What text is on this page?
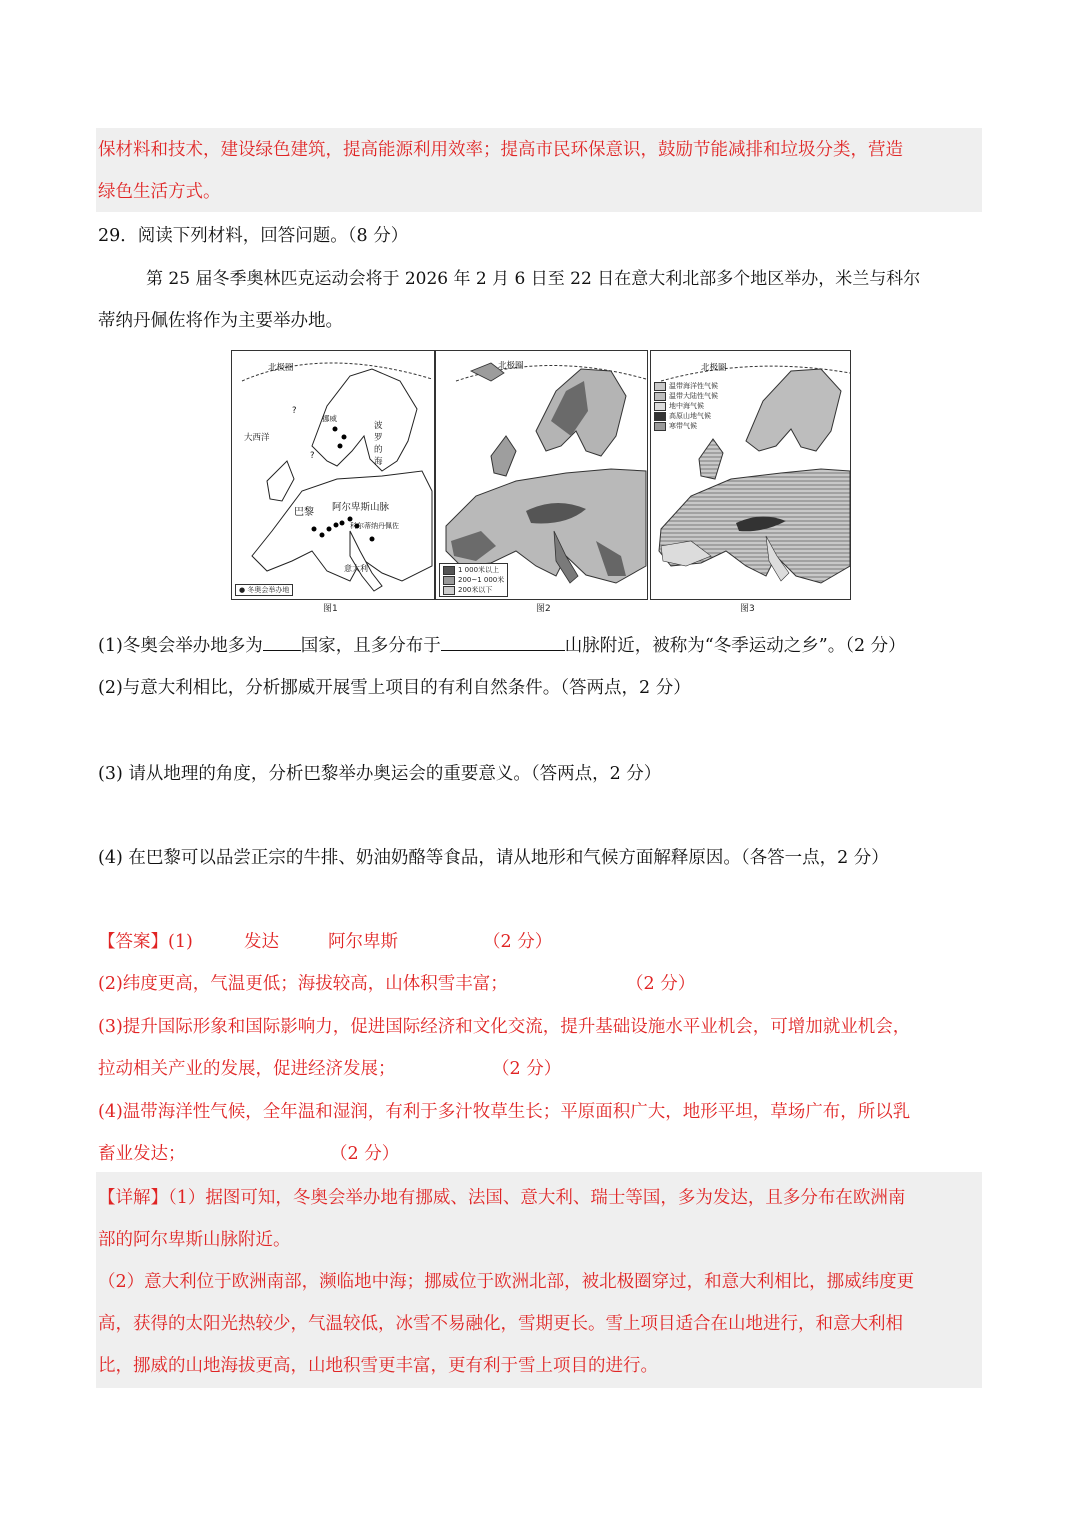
保材料和技术，建设绿色建筑，提高能源利用效率；提高市民环保意识，鼓励节能减排和垃圾分类，营造
绿色生活方式。
29．阅读下列材料，回答问题。（8 分）
第 25 届冬季奥林匹克运动会将于 2026 年 2 月 6 日至 22 日在意大利北部多个地区举办，米兰与科尔
蒂纳丹佩佐将作为主要举办地。
北极圈
大西洋
?
?
挪威
波
罗
的
海
巴黎 阿尔卑斯山脉
科尔蒂纳丹佩佐
意大利
● 冬奥会举办地
图1
北极圈
1 000米以上
200~1 000米
200米以下
图2
北极圈
温带海洋性气候
温带大陆性气候
地中海气候
高原山地气候
寒带气候
图3
(1)冬奥会举办地多为 国家，且多分布于	山脉附近，被称为“冬季运动之乡”。（2 分）
(2)与意大利相比，分析挪威开展雪上项目的有利自然条件。（答两点，2 分）
(3) 请从地理的角度，分析巴黎举办奥运会的重要意义。（答两点，2 分）
(4) 在巴黎可以品尝正宗的牛排、奶油奶酪等食品，请从地形和气候方面解释原因。（各答一点，2 分）
【答案】(1)	发达	阿尔卑斯	（2 分）
(2)纬度更高，气温更低；海拔较高，山体积雪丰富；	（2 分）
(3)提升国际形象和国际影响力，促进国际经济和文化交流，提升基础设施水平业机会，可增加就业机会，
拉动相关产业的发展，促进经济发展；	（2 分）
(4)温带海洋性气候，全年温和湿润，有利于多汁牧草生长；平原面积广大，地形平坦，草场广布，所以乳
畜业发达；	（2 分）
【详解】（1）据图可知，冬奥会举办地有挪威、法国、意大利、瑞士等国，多为发达，且多分布在欧洲南
部的阿尔卑斯山脉附近。
（2）意大利位于欧洲南部，濒临地中海；挪威位于欧洲北部，被北极圈穿过，和意大利相比，挪威纬度更
高，获得的太阳光热较少，气温较低，冰雪不易融化，雪期更长。雪上项目适合在山地进行，和意大利相
比，挪威的山地海拔更高，山地积雪更丰富，更有利于雪上项目的进行。
